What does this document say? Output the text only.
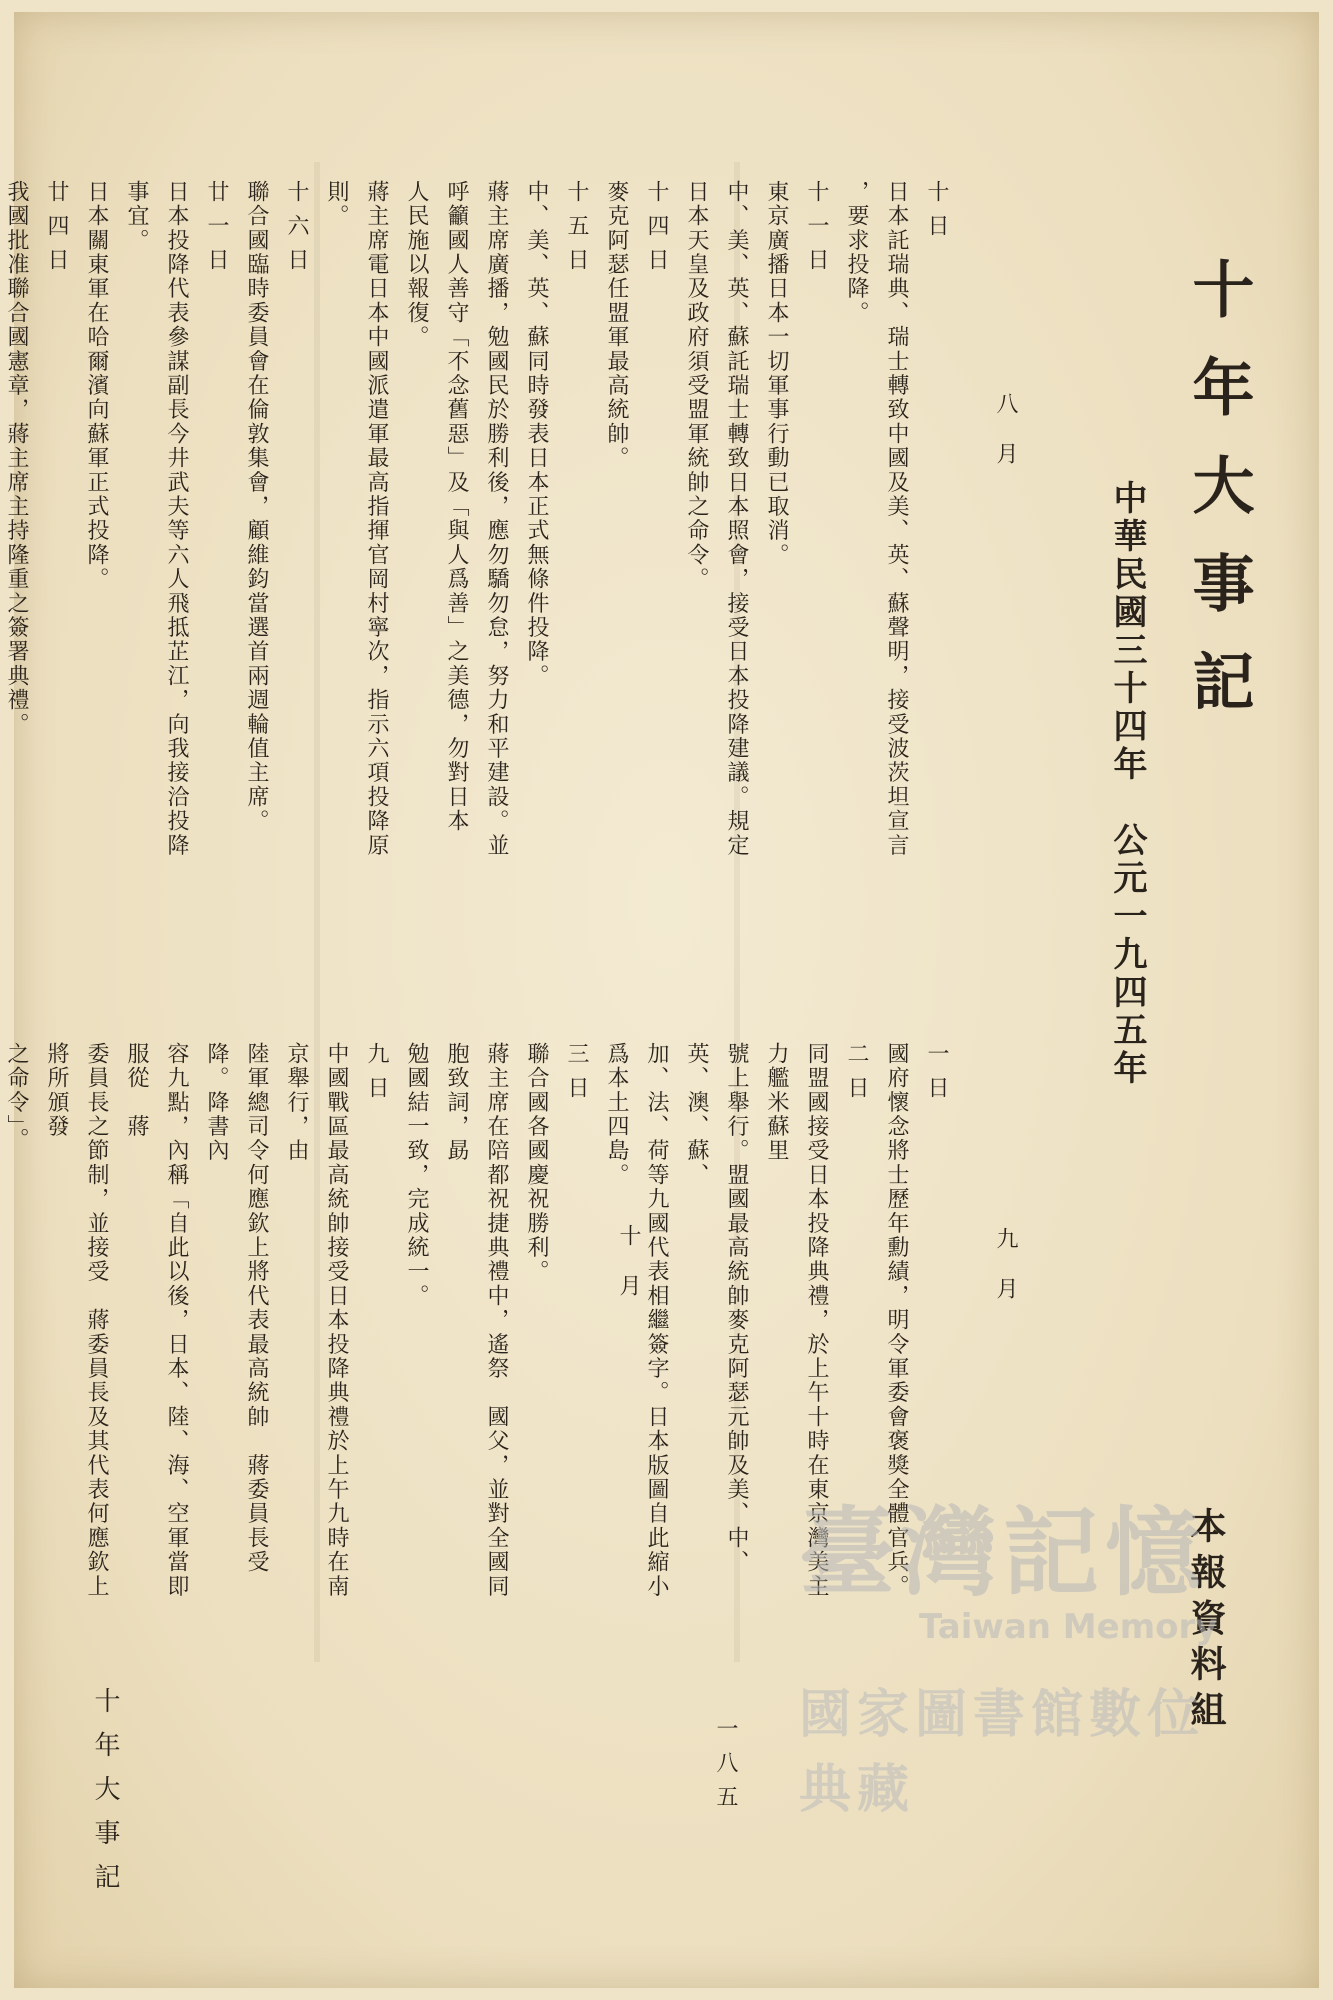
十年大事記
中華民國三十四年　公元一九四五年
本報資料組
八月
九月
十月
十日
日本託瑞典、瑞士轉致中國及美、英、蘇聲明，接受波茨坦宣言
，要求投降。
十一日
東京廣播日本一切軍事行動已取消。
中、美、英、蘇託瑞士轉致日本照會，接受日本投降建議。規定
日本天皇及政府須受盟軍統帥之命令。
十四日
麥克阿瑟任盟軍最高統帥。
十五日
中、美、英、蘇同時發表日本正式無條件投降。
蔣主席廣播，勉國民於勝利後，應勿驕勿怠，努力和平建設。並
呼籲國人善守「不念舊惡」及「與人爲善」之美德，勿對日本
人民施以報復。
蔣主席電日本中國派遣軍最高指揮官岡村寧次，指示六項投降原
則。
十六日
聯合國臨時委員會在倫敦集會，顧維鈞當選首兩週輪值主席。
廿一日
日本投降代表參謀副長今井武夫等六人飛抵芷江，向我接洽投降
事宜。
日本關東軍在哈爾濱向蘇軍正式投降。
廿四日
我國批准聯合國憲章，蔣主席主持隆重之簽署典禮。
一日
國府懷念將士歷年勳績，明令軍委會褒獎全體官兵。
二日
同盟國接受日本投降典禮，於上午十時在東京灣美主力艦米蘇里
號上舉行。盟國最高統帥麥克阿瑟元帥及美、中、英、澳、蘇、
加、法、荷等九國代表相繼簽字。日本版圖自此縮小爲本土四島。
三日
聯合國各國慶祝勝利。
蔣主席在陪都祝捷典禮中，遙祭　國父，並對全國同胞致詞，勗
勉國結一致，完成統一。
九日
中國戰區最高統帥接受日本投降典禮於上午九時在南京舉行，由
陸軍總司令何應欽上將代表最高統帥　蔣委員長受降。降書內
容九點，內稱「自此以後，日本、陸、海、空軍當即服從　蔣
委員長之節制，並接受　蔣委員長及其代表何應欽上將所頒發
之命令」。
十年大事記	一八五
臺灣記憶
Taiwan Memory
國家圖書館數位典藏
